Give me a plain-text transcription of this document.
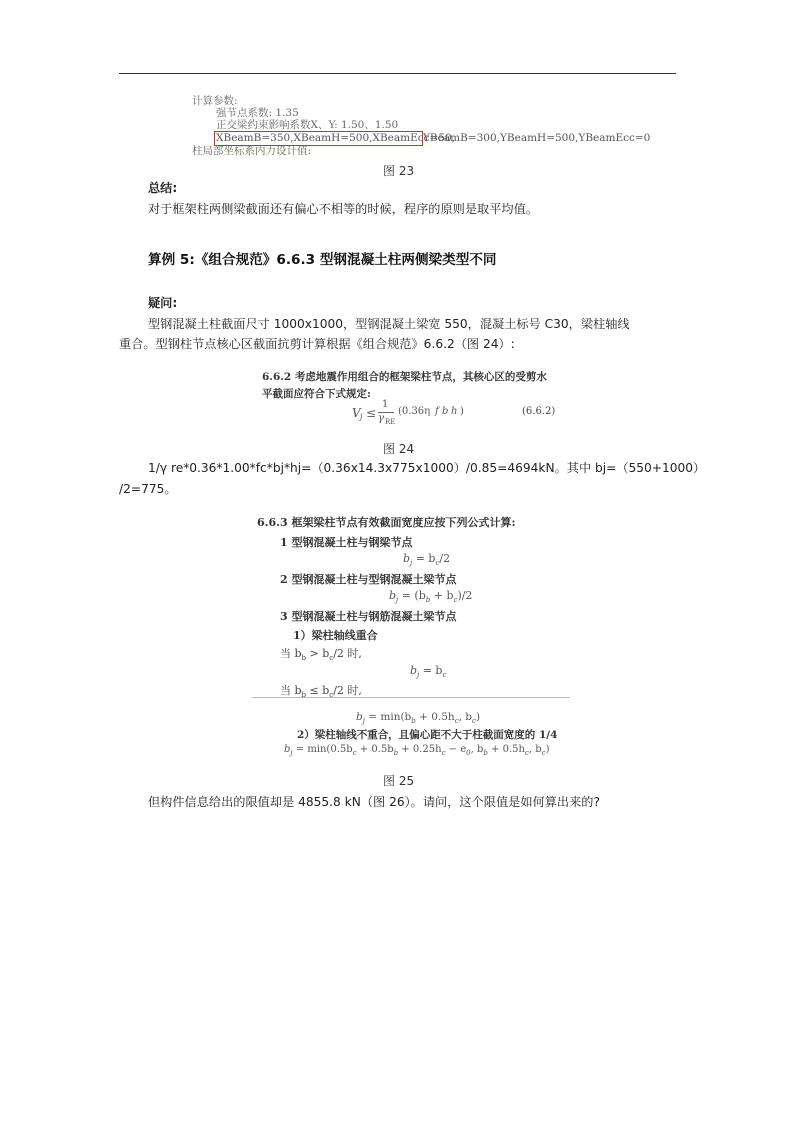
计算参数:
强节点系数: 1.35
正交梁约束影响系数X、Y: 1.50、1.50
XBeamB=350,XBeamH=500,XBeamEcc=50,
YBeamB=300,YBeamH=500,YBeamEcc=0
柱局部坐标系内力设计值:
图 23
总结:
对于框架柱两侧梁截面还有偏心不相等的时候，程序的原则是取平均值。
算例 5:《组合规范》6.6.3 型钢混凝土柱两侧梁类型不同
疑问:
型钢混凝土柱截面尺寸 1000x1000，型钢混凝土梁宽 550，混凝土标号 C30，梁柱轴线
重合。型钢柱节点核心区截面抗剪计算根据《组合规范》6.6.2（图 24）:
6.6.2 考虑地震作用组合的框架梁柱节点，其核心区的受剪水
平截面应符合下式规定:
V j ≤
1
γ RE
(0.36η f b h )	(6.6.2)
图 24
1/γ re*0.36*1.00*fc*bj*hj=（0.36x14.3x775x1000）/0.85=4694kN。其中 bj=（550+1000）
/2=775。
6.6.3 框架梁柱节点有效截面宽度应按下列公式计算:
1 型钢混凝土柱与钢梁节点
$b_j = b_c/2$
2 型钢混凝土柱与型钢混凝土梁节点
$b_j = (b_b + b_c)/2$
3 型钢混凝土柱与钢筋混凝土梁节点
1）梁柱轴线重合
当 $b_b > b_c/2$ 时,
$b_j = b_c$
当 $b_b \le b_c/2$ 时,
$b_j = \min(b_b + 0.5h_c$, $b_c$)
2）梁柱轴线不重合，且偏心距不大于柱截面宽度的 1/4
$b_j = \min(0.5b_c + 0.5b_b + 0.25h_c - e_0$, $b_b + 0.5h_c$, $b_c$)
图 25
但构件信息给出的限值却是 4855.8 kN（图 26）。请问，这个限值是如何算出来的?
